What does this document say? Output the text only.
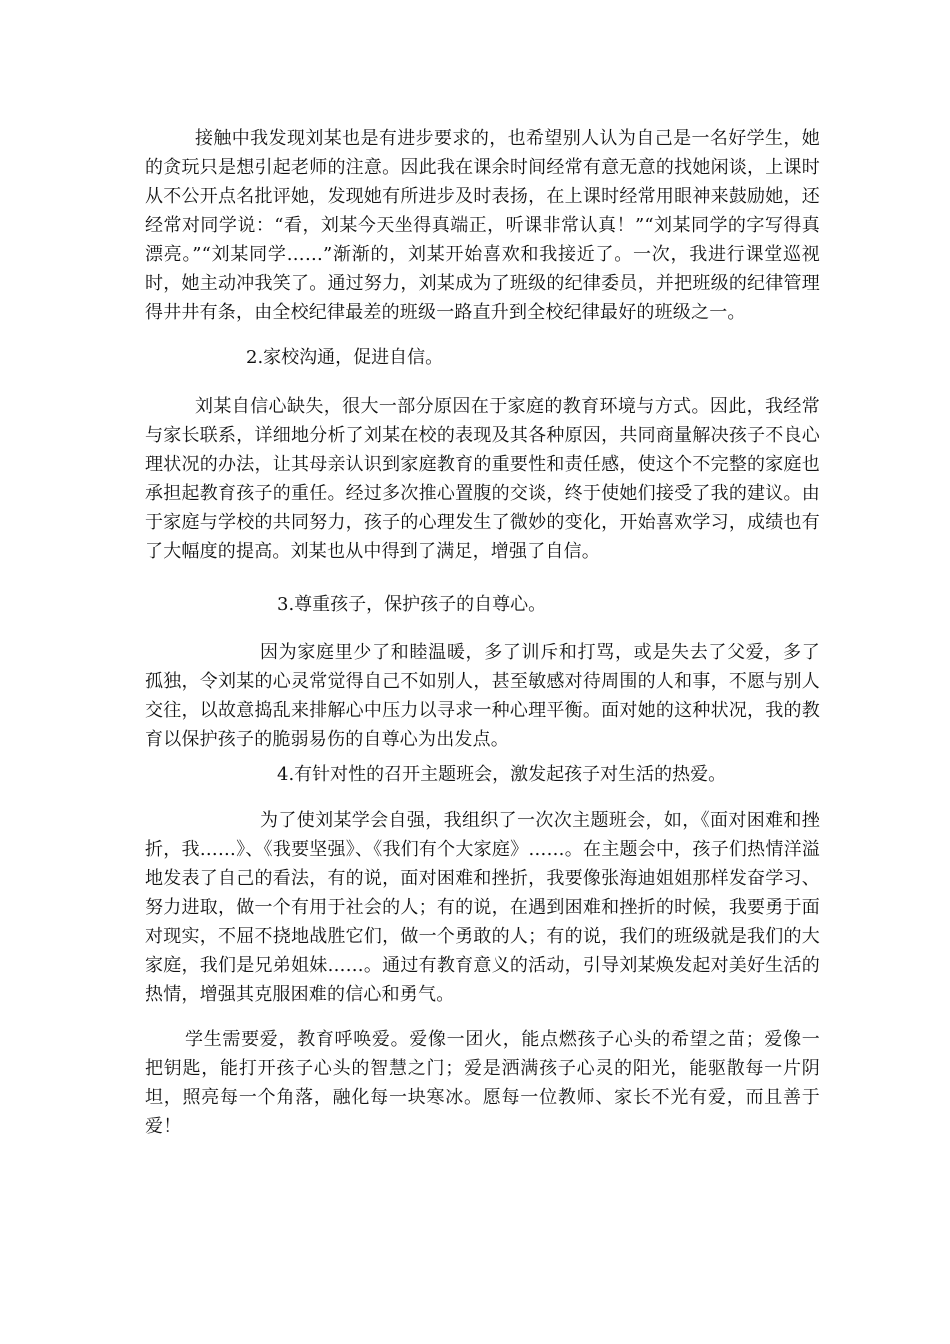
接触中我发现刘某也是有进步要求的，也希望别人认为自己是一名好学生，她的贪玩只是想引起老师的注意。因此我在课余时间经常有意无意的找她闲谈，上课时从不公开点名批评她，发现她有所进步及时表扬，在上课时经常用眼神来鼓励她，还经常对同学说：“看，刘某今天坐得真端正，听课非常认真！”“刘某同学的字写得真漂亮。”“刘某同学……”渐渐的，刘某开始喜欢和我接近了。一次，我进行课堂巡视时，她主动冲我笑了。通过努力，刘某成为了班级的纪律委员，并把班级的纪律管理得井井有条，由全校纪律最差的班级一路直升到全校纪律最好的班级之一。

2.家校沟通，促进自信。

刘某自信心缺失，很大一部分原因在于家庭的教育环境与方式。因此，我经常与家长联系，详细地分析了刘某在校的表现及其各种原因，共同商量解决孩子不良心理状况的办法，让其母亲认识到家庭教育的重要性和责任感，使这个不完整的家庭也承担起教育孩子的重任。经过多次推心置腹的交谈，终于使她们接受了我的建议。由于家庭与学校的共同努力，孩子的心理发生了微妙的变化，开始喜欢学习，成绩也有了大幅度的提高。刘某也从中得到了满足，增强了自信。

3.尊重孩子，保护孩子的自尊心。

因为家庭里少了和睦温暖，多了训斥和打骂，或是失去了父爱，多了孤独，令刘某的心灵常觉得自己不如别人，甚至敏感对待周围的人和事，不愿与别人交往，以故意捣乱来排解心中压力以寻求一种心理平衡。面对她的这种状况，我的教育以保护孩子的脆弱易伤的自尊心为出发点。

4.有针对性的召开主题班会，激发起孩子对生活的热爱。

为了使刘某学会自强，我组织了一次次主题班会，如，《面对困难和挫折，我……》、《我要坚强》、《我们有个大家庭》……。在主题会中，孩子们热情洋溢地发表了自己的看法，有的说，面对困难和挫折，我要像张海迪姐姐那样发奋学习、努力进取，做一个有用于社会的人；有的说，在遇到困难和挫折的时候，我要勇于面对现实，不屈不挠地战胜它们，做一个勇敢的人；有的说，我们的班级就是我们的大家庭，我们是兄弟姐妹……。通过有教育意义的活动，引导刘某焕发起对美好生活的热情，增强其克服困难的信心和勇气。

学生需要爱，教育呼唤爱。爱像一团火，能点燃孩子心头的希望之苗；爱像一把钥匙，能打开孩子心头的智慧之门；爱是洒满孩子心灵的阳光，能驱散每一片阴坦，照亮每一个角落，融化每一块寒冰。愿每一位教师、家长不光有爱，而且善于爱！
